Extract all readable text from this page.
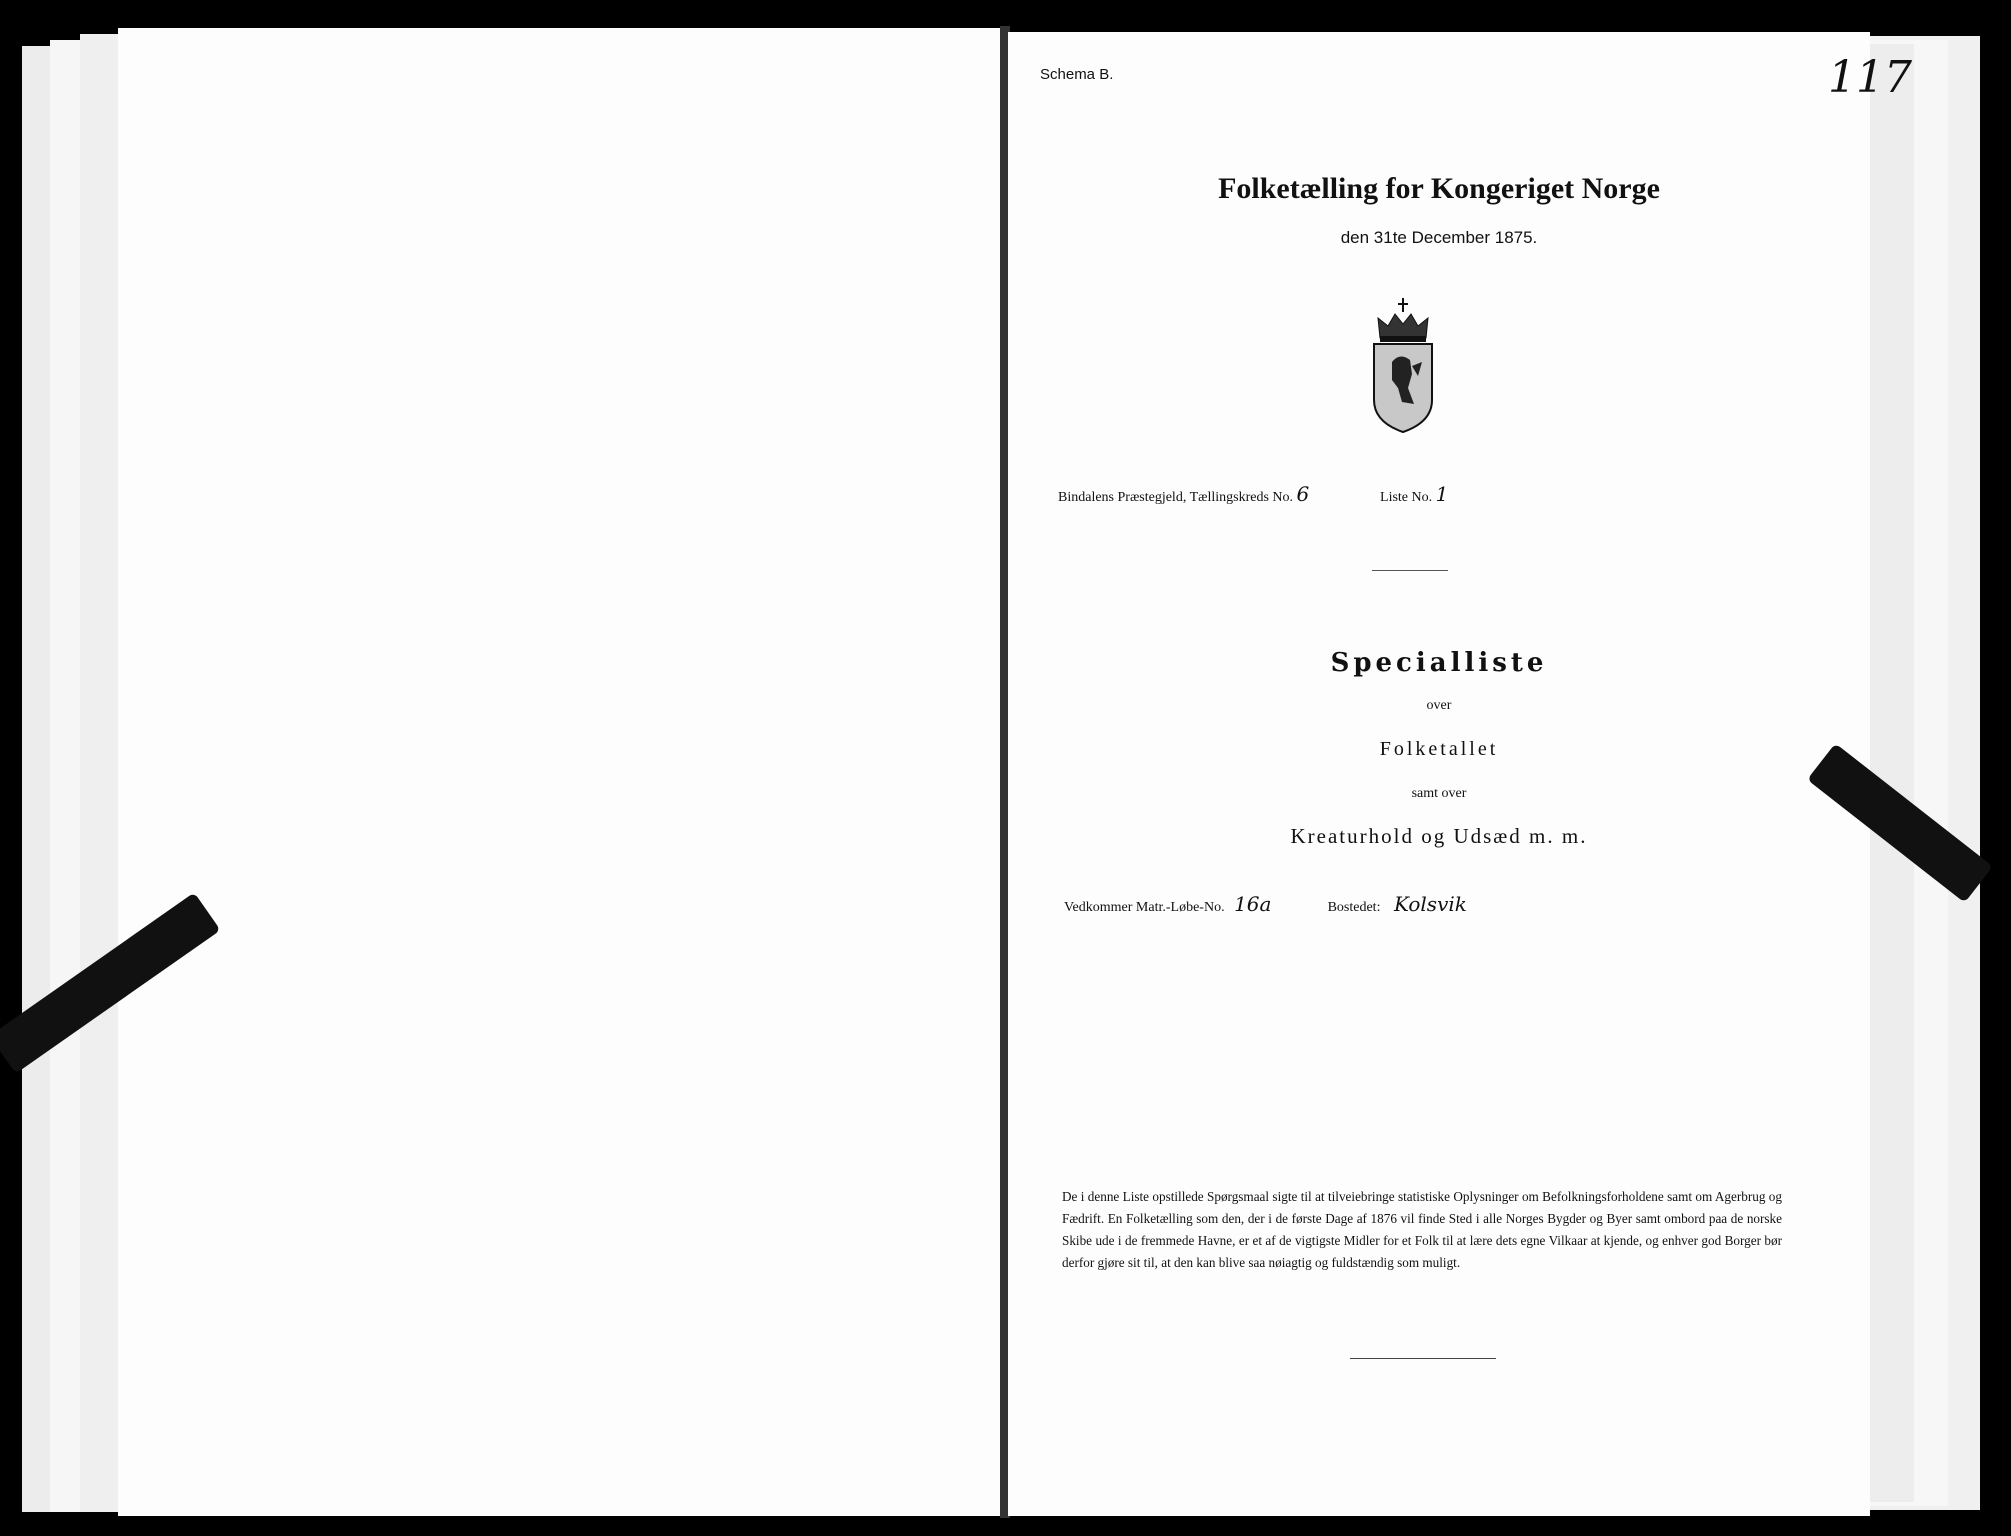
Schema B.	117
Folketælling for Kongeriget Norge
den 31te December 1875.
Bindalens Præstegjeld, Tællingskreds No. 6	Liste No. 1
Specialliste
over
Folketallet
samt over
Kreaturhold og Udsæd m. m.
Vedkommer Matr.-Løbe-No. 16a	Bostedet: Kolsvik
De i denne Liste opstillede Spørgsmaal sigte til at tilveiebringe statistiske Oplysninger om Befolkningsforholdene samt om Agerbrug og Fædrift. En Folketælling som den, der i de første Dage af 1876 vil finde Sted i alle Norges Bygder og Byer samt ombord paa de norske Skibe ude i de fremmede Havne, er et af de vigtigste Midler for et Folk til at lære dets egne Vilkaar at kjende, og enhver god Borger bør derfor gjøre sit til, at den kan blive saa nøiagtig og fuldstændig som muligt.
